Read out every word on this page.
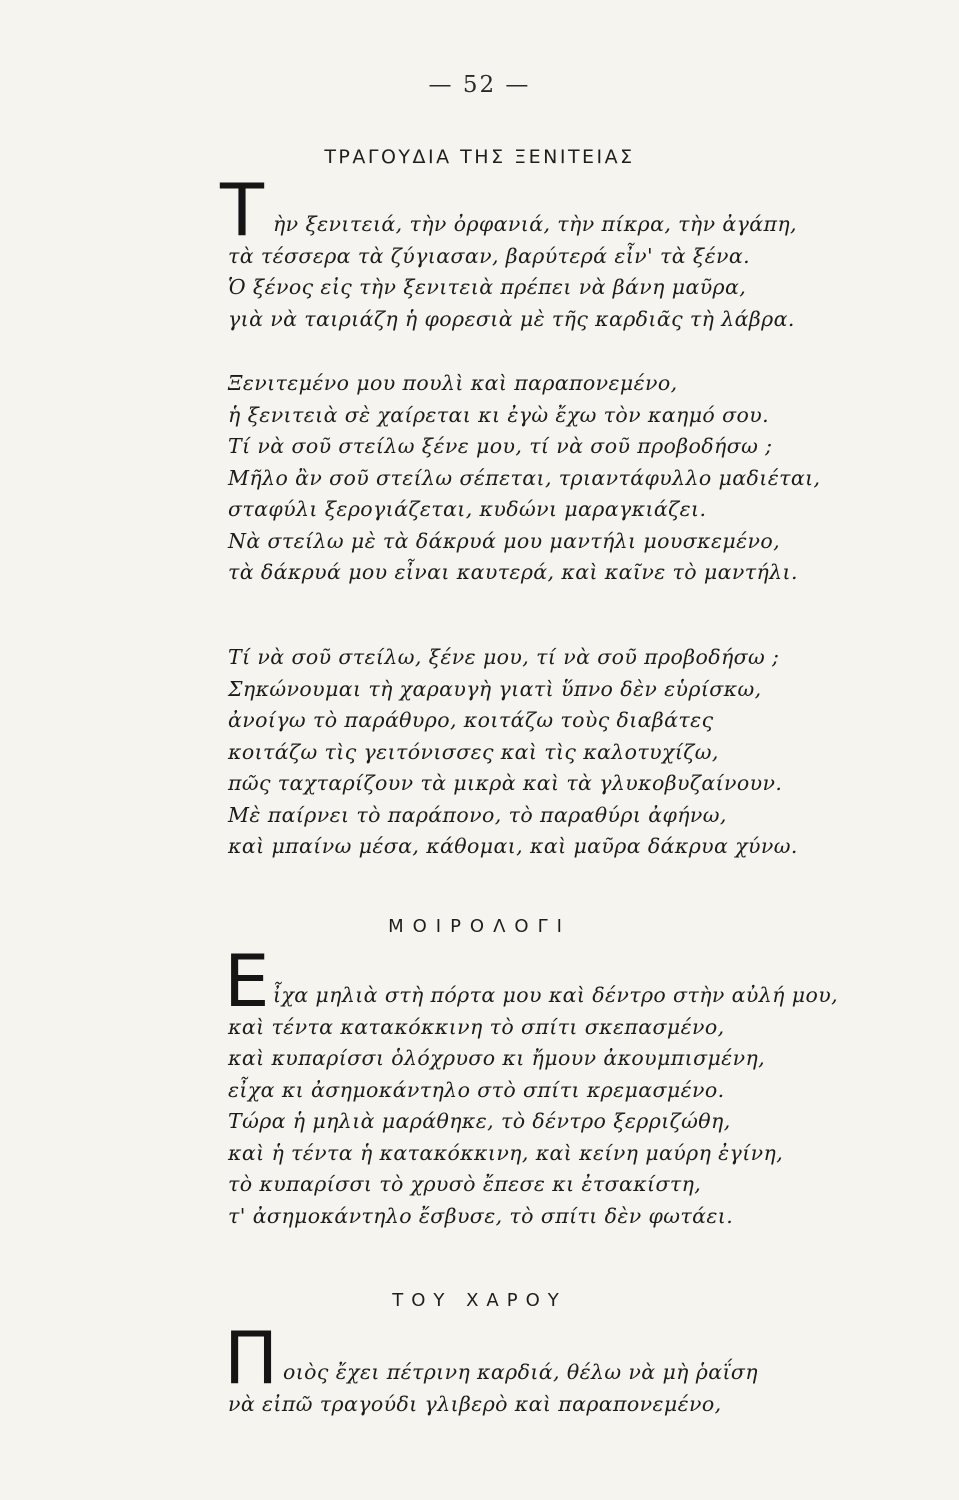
— 52 —
ΤΡΑΓΟΥΔΙΑ ΤΗΣ ΞΕΝΙΤΕΙΑΣ
Τ ὴν ξενιτειά, τὴν ὀρφανιά, τὴν πίκρα, τὴν ἀγάπη,
τὰ τέσσερα τὰ ζύγιασαν, βαρύτερά εἶν' τὰ ξένα.
Ὁ ξένος εἰς τὴν ξενιτειὰ πρέπει νὰ βάνη μαῦρα,
γιὰ νὰ ταιριάζη ἡ φορεσιὰ μὲ τῆς καρδιᾶς τὴ λάβρα.
Ξενιτεμένο μου πουλὶ καὶ παραπονεμένο,
ἡ ξενιτειὰ σὲ χαίρεται κι ἐγὼ ἔχω τὸν καημό σου.
Τί νὰ σοῦ στείλω ξένε μου, τί νὰ σοῦ προβοδήσω ;
Μῆλο ἂν σοῦ στείλω σέπεται, τριαντάφυλλο μαδιέται,
σταφύλι ξερογιάζεται, κυδώνι μαραγκιάζει.
Νὰ στείλω μὲ τὰ δάκρυά μου μαντήλι μουσκεμένο,
τὰ δάκρυά μου εἶναι καυτερά, καὶ καῖνε τὸ μαντήλι.
Τί νὰ σοῦ στείλω, ξένε μου, τί νὰ σοῦ προβοδήσω ;
Σηκώνουμαι τὴ χαραυγὴ γιατὶ ὕπνο δὲν εὑρίσκω,
ἀνοίγω τὸ παράθυρο, κοιτάζω τοὺς διαβάτες
κοιτάζω τὶς γειτόνισσες καὶ τὶς καλοτυχίζω,
πῶς ταχταρίζουν τὰ μικρὰ καὶ τὰ γλυκοβυζαίνουν.
Μὲ παίρνει τὸ παράπονο, τὸ παραθύρι ἀφήνω,
καὶ μπαίνω μέσα, κάθομαι, καὶ μαῦρα δάκρυα χύνω.
ΜΟΙΡΟΛΟΓΙ
Ε ἶχα μηλιὰ στὴ πόρτα μου καὶ δέντρο στὴν αὐλή μου,
καὶ τέντα κατακόκκινη τὸ σπίτι σκεπασμένο,
καὶ κυπαρίσσι ὁλόχρυσο κι ἤμουν ἀκουμπισμένη,
εἶχα κι ἀσημοκάντηλο στὸ σπίτι κρεμασμένο.
Τώρα ἡ μηλιὰ μαράθηκε, τὸ δέντρο ξερριζώθη,
καὶ ἡ τέντα ἡ κατακόκκινη, καὶ κείνη μαύρη ἐγίνη,
τὸ κυπαρίσσι τὸ χρυσὸ ἔπεσε κι ἐτσακίστη,
τ' ἀσημοκάντηλο ἔσβυσε, τὸ σπίτι δὲν φωτάει.
ΤΟΥ ΧΑΡΟΥ
Π οιὸς ἔχει πέτρινη καρδιά, θέλω νὰ μὴ ῥαΐση
νὰ εἰπῶ τραγούδι γλιβερὸ καὶ παραπονεμένο,
